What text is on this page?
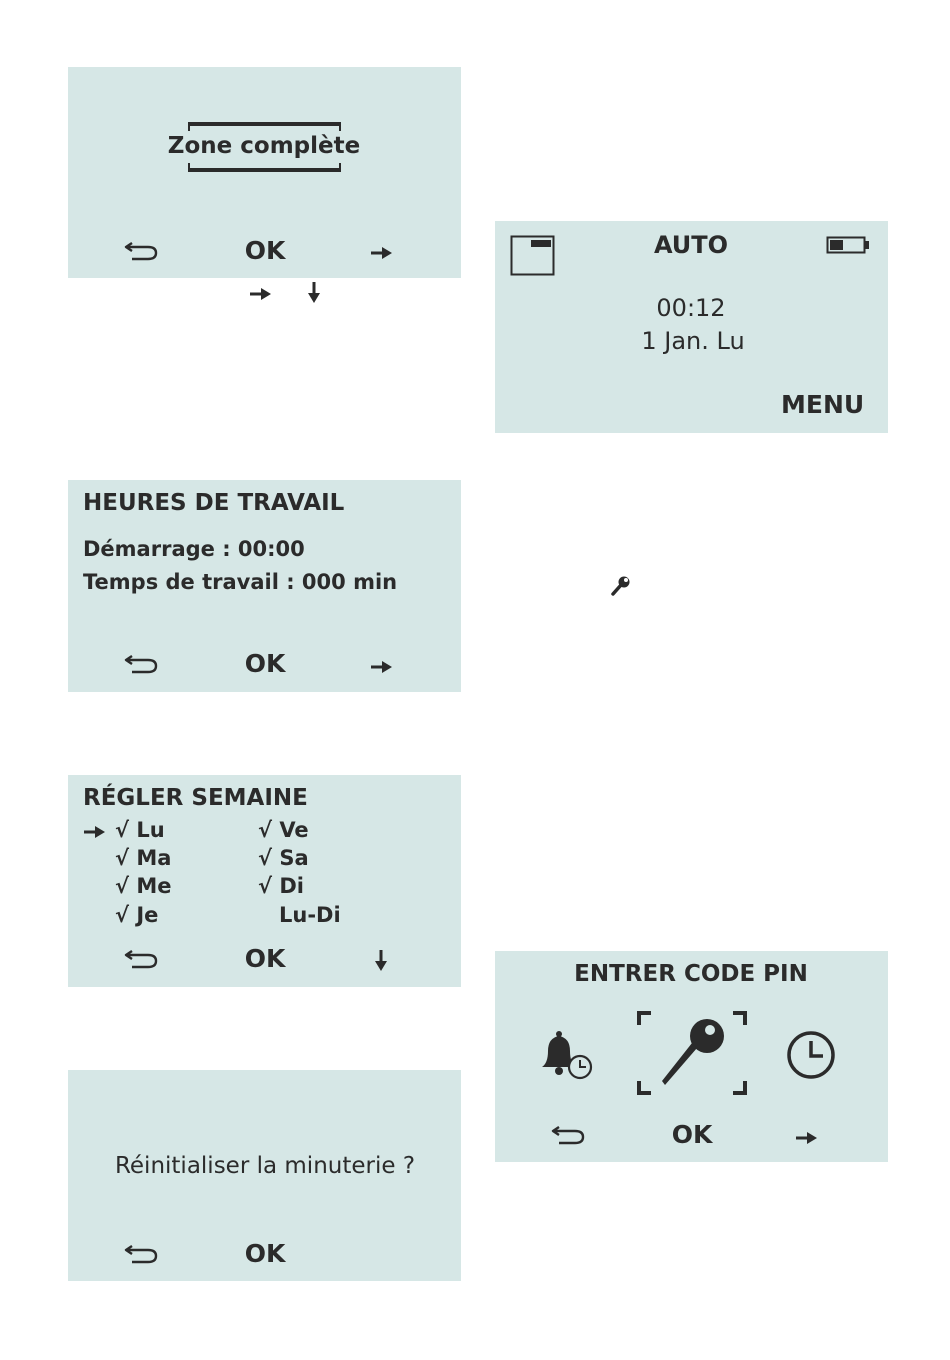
Zone complète
OK	AUTO
00:12
1 Jan. Lu
MENU
HEURES DE TRAVAIL
Démarrage : 00:00
Temps de travail : 000 min
OK
RÉGLER SEMAINE
√ Lu
√ Ma
√ Me
√ Je
√ Ve
√ Sa
√ Di
Lu-Di
OK
Réinitialiser la minuterie ?
OK
ENTRER CODE PIN
OK
